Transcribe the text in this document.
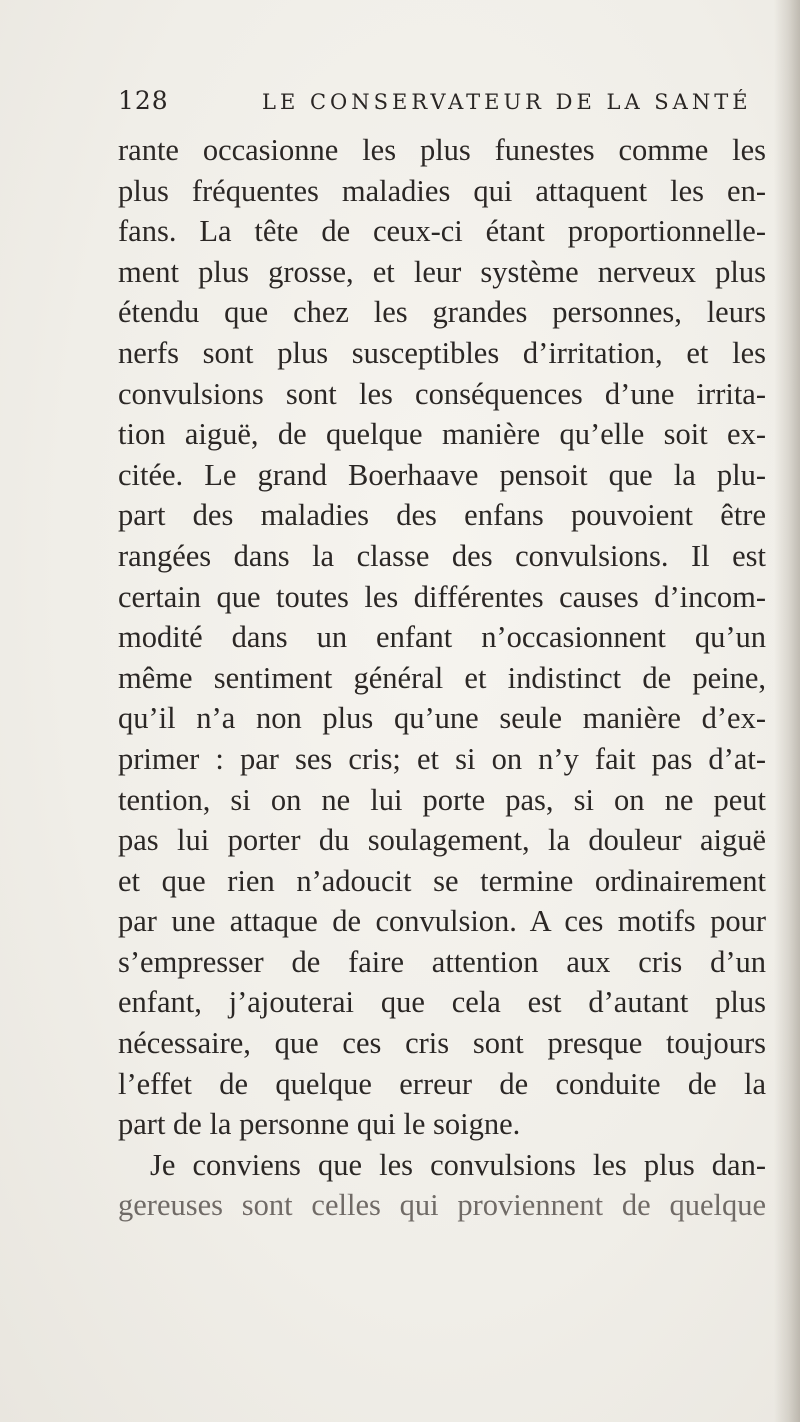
128	LE CONSERVATEUR DE LA SANTÉ
rante occasionne les plus funestes comme les
plus fréquentes maladies qui attaquent les en-
fans. La tête de ceux-ci étant proportionnelle-
ment plus grosse, et leur système nerveux plus
étendu que chez les grandes personnes, leurs
nerfs sont plus susceptibles d’irritation, et les
convulsions sont les conséquences d’une irrita-
tion aiguë, de quelque manière qu’elle soit ex-
citée. Le grand Boerhaave pensoit que la plu-
part des maladies des enfans pouvoient être
rangées dans la classe des convulsions. Il est
certain que toutes les différentes causes d’incom-
modité dans un enfant n’occasionnent qu’un
même sentiment général et indistinct de peine,
qu’il n’a non plus qu’une seule manière d’ex-
primer : par ses cris; et si on n’y fait pas d’at-
tention, si on ne lui porte pas, si on ne peut
pas lui porter du soulagement, la douleur aiguë
et que rien n’adoucit se termine ordinairement
par une attaque de convulsion. A ces motifs pour
s’empresser de faire attention aux cris d’un
enfant, j’ajouterai que cela est d’autant plus
nécessaire, que ces cris sont presque toujours
l’effet de quelque erreur de conduite de la
part de la personne qui le soigne.
Je conviens que les convulsions les plus dan-
gereuses sont celles qui proviennent de quelque
